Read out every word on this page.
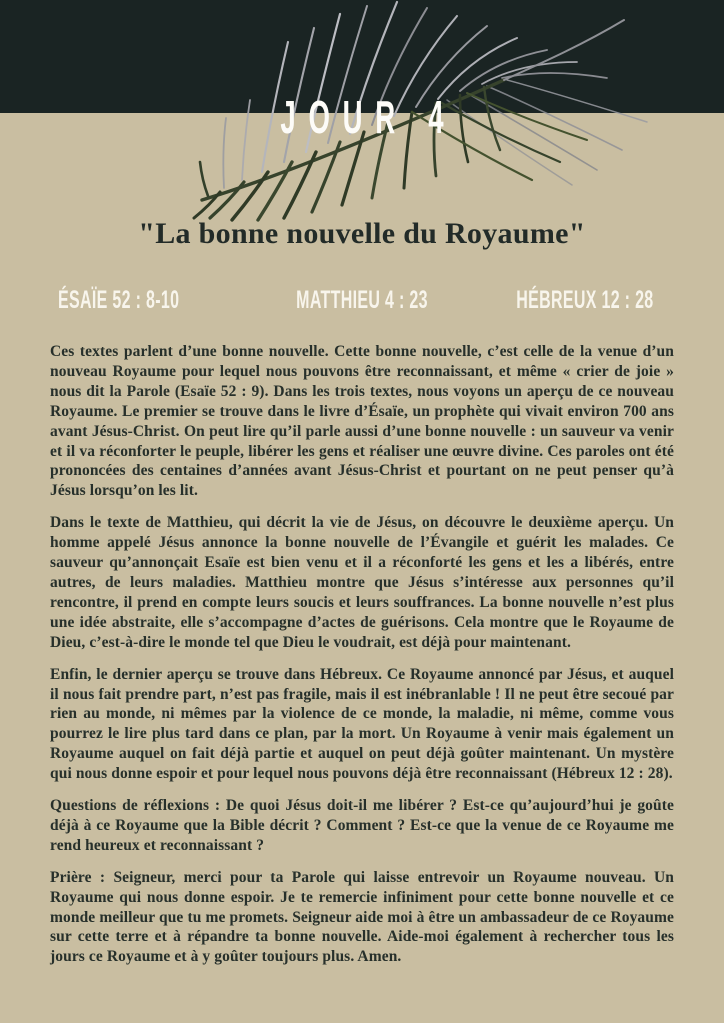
JOUR 4
"La bonne nouvelle du Royaume"
ÉSAÏE 52 : 8-10	MATTHIEU 4 : 23	HÉBREUX 12 : 28

Ces textes parlent d’une bonne nouvelle. Cette bonne nouvelle, c’est celle de la venue d’un nouveau Royaume pour lequel nous pouvons être reconnaissant, et même « crier de joie » nous dit la Parole (Esaïe 52 : 9). Dans les trois textes, nous voyons un aperçu de ce nouveau Royaume. Le premier se trouve dans le livre d’Ésaïe, un prophète qui vivait environ 700 ans avant Jésus-Christ. On peut lire qu’il parle aussi d’une bonne nouvelle : un sauveur va venir et il va réconforter le peuple, libérer les gens et réaliser une œuvre divine. Ces paroles ont été prononcées des centaines d’années avant Jésus-Christ et pourtant on ne peut penser qu’à Jésus lorsqu’on les lit.

Dans le texte de Matthieu, qui décrit la vie de Jésus, on découvre le deuxième aperçu. Un homme appelé Jésus annonce la bonne nouvelle de l’Évangile et guérit les malades. Ce sauveur qu’annonçait Esaïe est bien venu et il a réconforté les gens et les a libérés, entre autres, de leurs maladies. Matthieu montre que Jésus s’intéresse aux personnes qu’il rencontre, il prend en compte leurs soucis et leurs souffrances. La bonne nouvelle n’est plus une idée abstraite, elle s’accompagne d’actes de guérisons. Cela montre que le Royaume de Dieu, c’est-à-dire le monde tel que Dieu le voudrait, est déjà pour maintenant.

Enfin, le dernier aperçu se trouve dans Hébreux. Ce Royaume annoncé par Jésus, et auquel il nous fait prendre part, n’est pas fragile, mais il est inébranlable ! Il ne peut être secoué par rien au monde, ni mêmes par la violence de ce monde, la maladie, ni même, comme vous pourrez le lire plus tard dans ce plan, par la mort. Un Royaume à venir mais également un Royaume auquel on fait déjà partie et auquel on peut déjà goûter maintenant. Un mystère qui nous donne espoir et pour lequel nous pouvons déjà être reconnaissant (Hébreux 12 : 28).

Questions de réflexions : De quoi Jésus doit-il me libérer ? Est-ce qu’aujourd’hui je goûte déjà à ce Royaume que la Bible décrit ? Comment ? Est-ce que la venue de ce Royaume me rend heureux et reconnaissant ?

Prière : Seigneur, merci pour ta Parole qui laisse entrevoir un Royaume nouveau. Un Royaume qui nous donne espoir. Je te remercie infiniment pour cette bonne nouvelle et ce monde meilleur que tu me promets. Seigneur aide moi à être un ambassadeur de ce Royaume sur cette terre et à répandre ta bonne nouvelle. Aide-moi également à rechercher tous les jours ce Royaume et à y goûter toujours plus. Amen.
